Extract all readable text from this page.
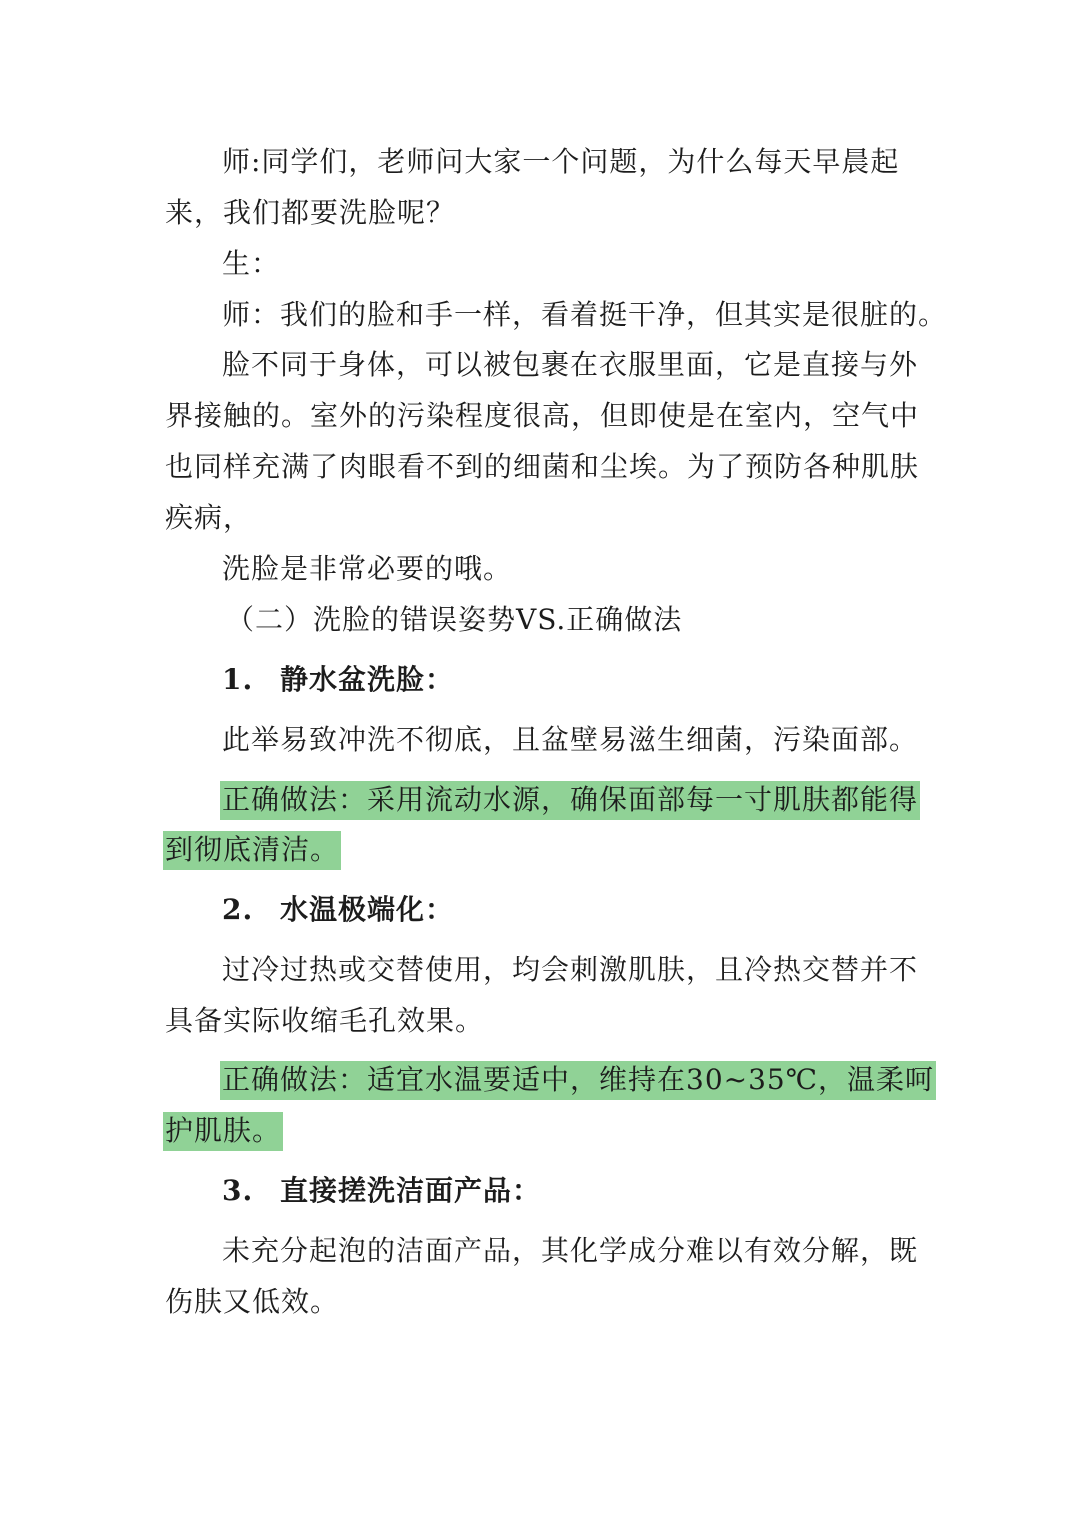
师:同学们，老师问大家一个问题，为什么每天早晨起
来，我们都要洗脸呢？
生：
师：我们的脸和手一样，看着挺干净，但其实是很脏的。
脸不同于身体，可以被包裹在衣服里面，它是直接与外
界接触的。室外的污染程度很高，但即使是在室内，空气中
也同样充满了肉眼看不到的细菌和尘埃。为了预防各种肌肤
疾病，
洗脸是非常必要的哦。
（二）洗脸的错误姿势VS.正确做法
1. 静水盆洗脸：
此举易致冲洗不彻底，且盆壁易滋生细菌，污染面部。
正确做法：采用流动水源，确保面部每一寸肌肤都能得
到彻底清洁。
2. 水温极端化：
过冷过热或交替使用，均会刺激肌肤，且冷热交替并不
具备实际收缩毛孔效果。
正确做法：适宜水温要适中，维持在30~35℃，温柔呵
护肌肤。
3. 直接搓洗洁面产品：
未充分起泡的洁面产品，其化学成分难以有效分解，既
伤肤又低效。
